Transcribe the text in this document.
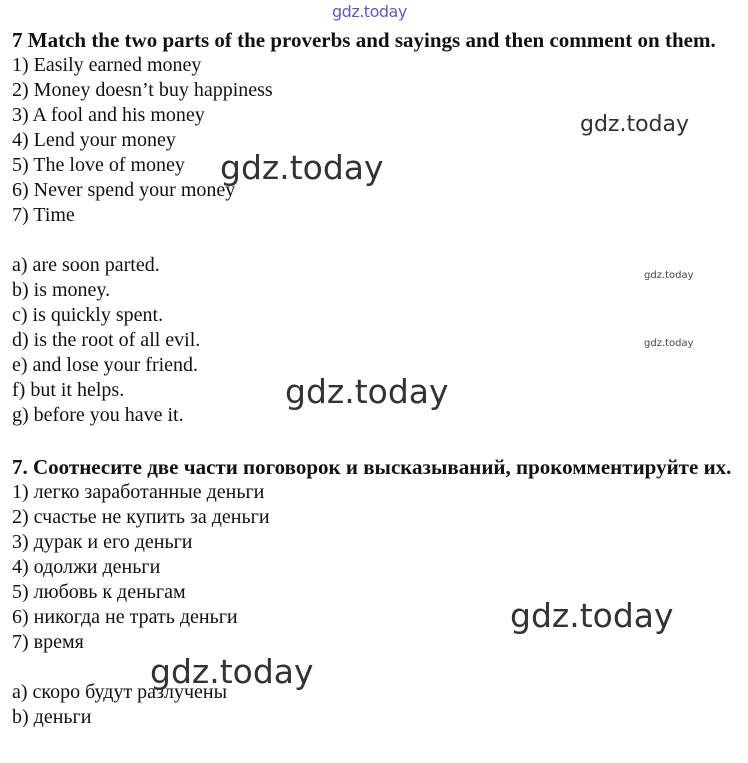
gdz.today
7 Match the two parts of the proverbs and sayings and then comment on them.
1) Easily earned money
2) Money doesn’t buy happiness
3) A fool and his money
4) Lend your money
5) The love of money
6) Never spend your money
7) Time
a) are soon parted.
b) is money.
c) is quickly spent.
d) is the root of all evil.
e) and lose your friend.
f) but it helps.
g) before you have it.
7. Соотнесите две части поговорок и высказываний, прокомментируйте их.
1) легко заработанные деньги
2) счастье не купить за деньги
3) дурак и его деньги
4) одолжи деньги
5) любовь к деньгам
6) никогда не трать деньги
7) время
а) скоро будут разлучены
b) деньги
gdz.today
gdz.today
gdz.today
gdz.today
gdz.today
gdz.today
gdz.today
